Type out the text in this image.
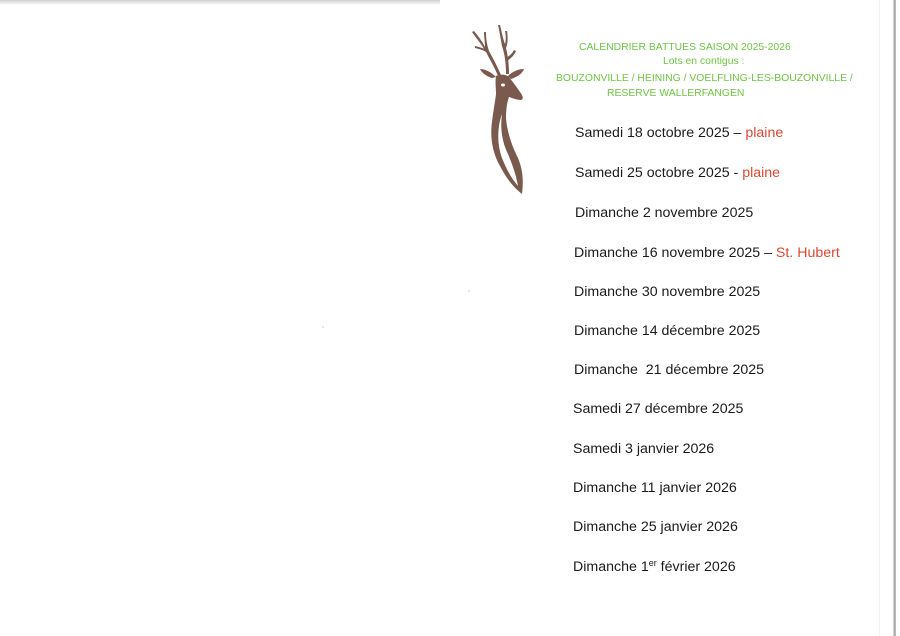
CALENDRIER BATTUES SAISON 2025-2026
Lots en contigus :
BOUZONVILLE / HEINING / VOELFLING-LES-BOUZONVILLE /
RESERVE WALLERFANGEN
Samedi 18 octobre 2025 – plaine
Samedi 25 octobre 2025 - plaine
Dimanche 2 novembre 2025
Dimanche 16 novembre 2025 – St. Hubert
Dimanche 30 novembre 2025
Dimanche 14 décembre 2025
Dimanche  21 décembre 2025
Samedi 27 décembre 2025
Samedi 3 janvier 2026
Dimanche 11 janvier 2026
Dimanche 25 janvier 2026
Dimanche 1er février 2026
